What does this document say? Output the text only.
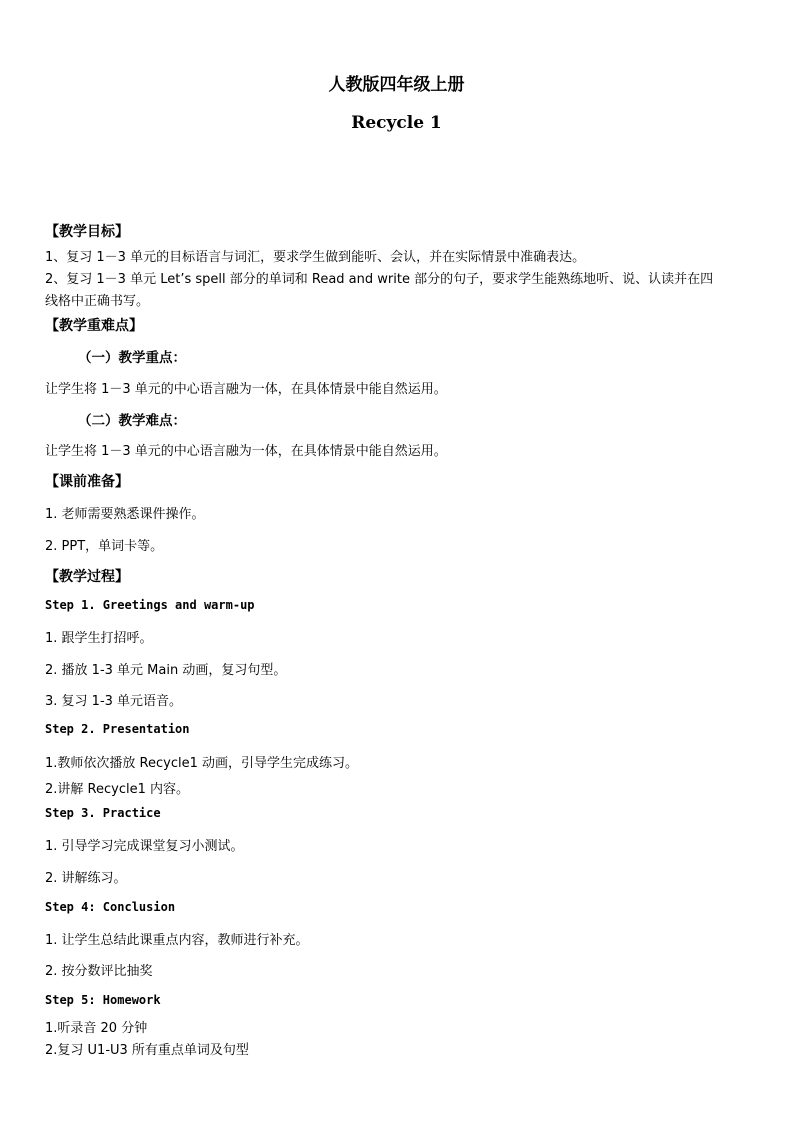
人教版四年级上册
Recycle 1
【教学目标】
1、复习 1－3 单元的目标语言与词汇，要求学生做到能听、会认，并在实际情景中准确表达。
2、复习 1－3 单元 Let’s spell 部分的单词和 Read and write 部分的句子，要求学生能熟练地听、说、认读并在四
线格中正确书写。
【教学重难点】
（一）教学重点：
让学生将 1－3 单元的中心语言融为一体，在具体情景中能自然运用。
（二）教学难点：
让学生将 1－3 单元的中心语言融为一体，在具体情景中能自然运用。
【课前准备】
1. 老师需要熟悉课件操作。
2. PPT，单词卡等。
【教学过程】
Step 1. Greetings and warm-up
1. 跟学生打招呼。
2. 播放 1-3 单元 Main 动画，复习句型。
3. 复习 1-3 单元语音。
Step 2. Presentation
1.教师依次播放 Recycle1 动画，引导学生完成练习。
2.讲解 Recycle1 内容。
Step 3. Practice
1. 引导学习完成课堂复习小测试。
2. 讲解练习。
Step 4: Conclusion
1. 让学生总结此课重点内容，教师进行补充。
2. 按分数评比抽奖
Step 5: Homework
1.听录音 20 分钟
2.复习 U1-U3 所有重点单词及句型
